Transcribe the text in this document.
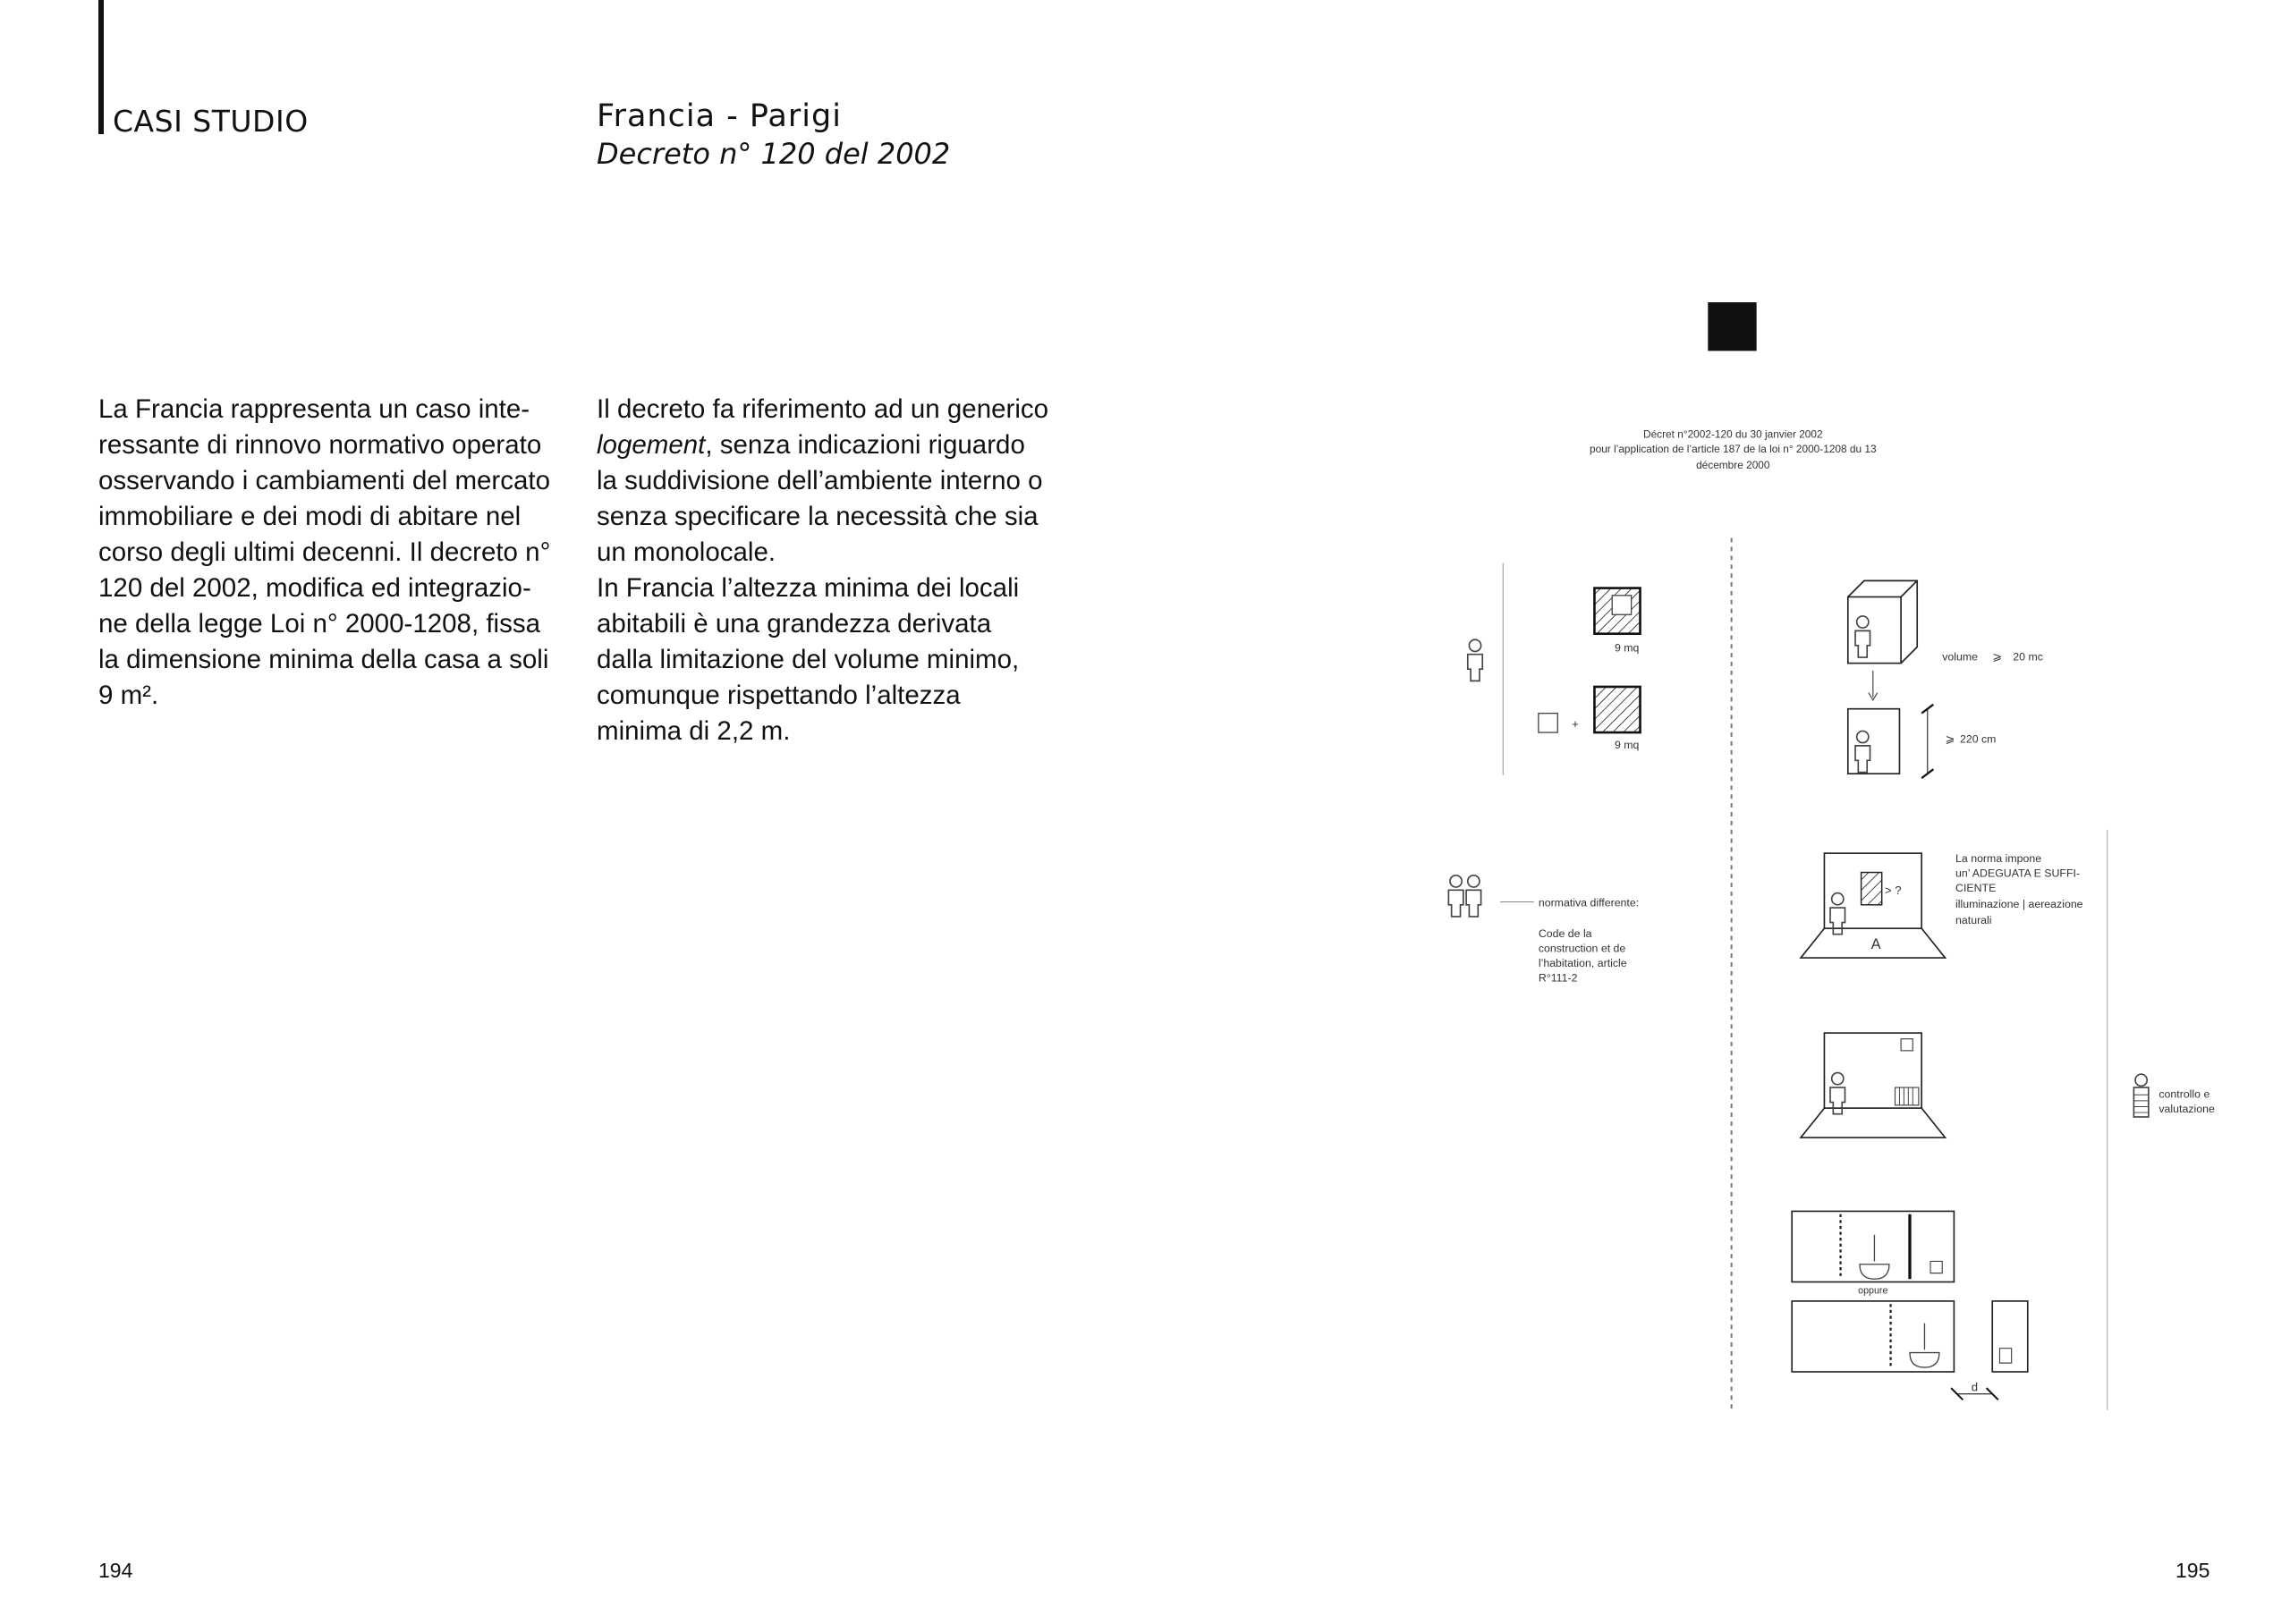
CASI STUDIO	Francia - Parigi
Decreto n° 120 del 2002
La Francia rappresenta un caso inte-
ressante di rinnovo normativo operato
osservando i cambiamenti del mercato
immobiliare e dei modi di abitare nel
corso degli ultimi decenni. Il decreto n°
120 del 2002, modifica ed integrazio-
ne della legge Loi n° 2000-1208, fissa
la dimensione minima della casa a soli
9 m².
Il decreto fa riferimento ad un generico
logement, senza indicazioni riguardo
la suddivisione dell’ambiente interno o
senza specificare la necessità che sia
un monolocale.
In Francia l’altezza minima dei locali
abitabili è una grandezza derivata
dalla limitazione del volume minimo,
comunque rispettando l’altezza
minima di 2,2 m.
Décret n°2002-120 du 30 janvier 2002
pour l’application de l’article 187 de la loi n° 2000-1208 du 13
décembre 2000
9 mq
+
9 mq
volume ⩾ 20 mc
⩾ 220 cm
normativa differente:
Code de la
construction et de
l’habitation, article
R°111-2
> ?
A
La norma impone
un’ ADEGUATA E SUFFI-
CIENTE
illuminazione | aereazione
naturali
controllo e
valutazione
oppure
d
194	195
